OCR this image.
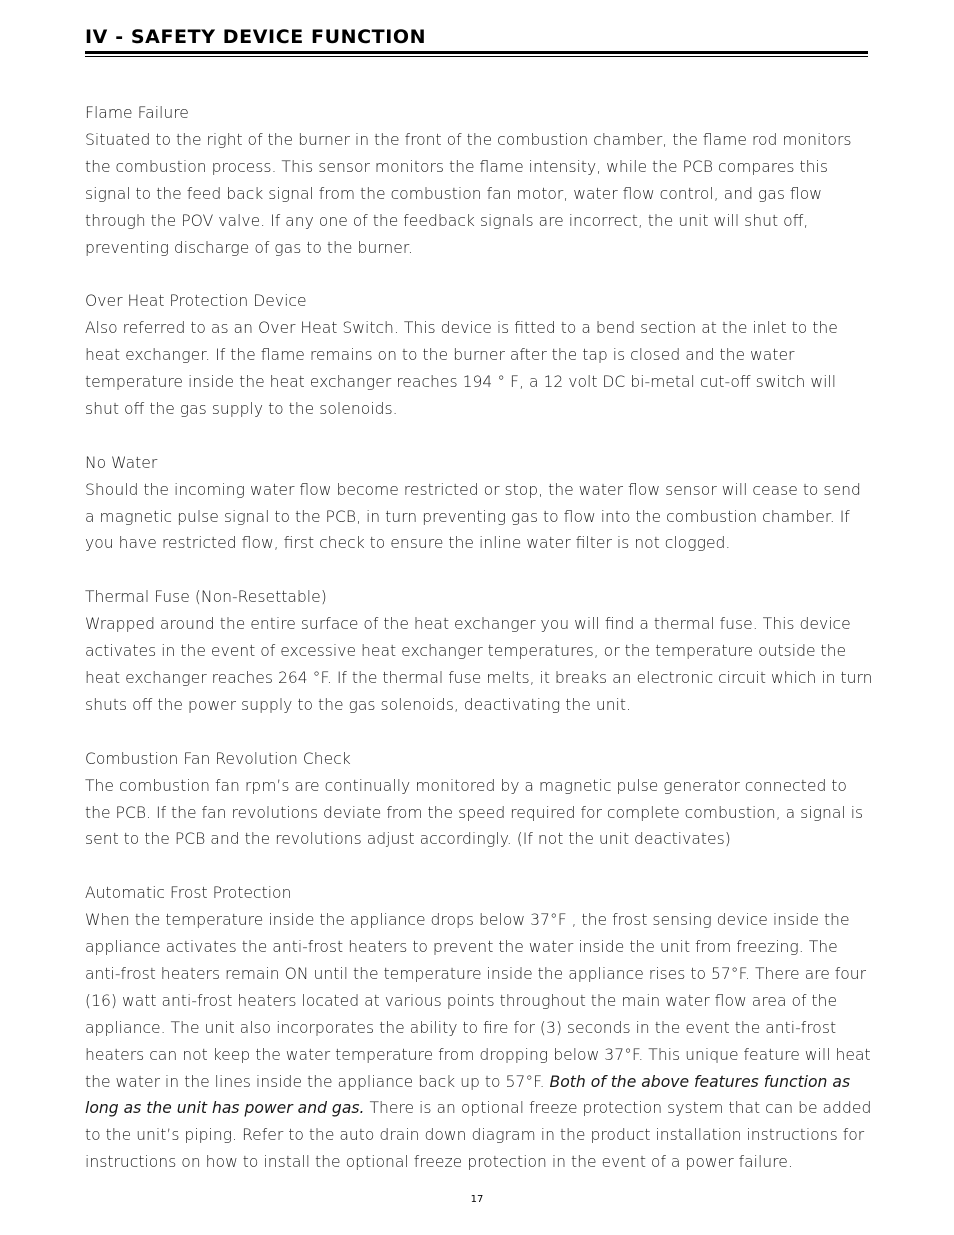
IV - SAFETY DEVICE FUNCTION
Flame Failure
Situated to the right of the burner in the front of the combustion chamber, the flame rod monitors the combustion process. This sensor monitors the flame intensity, while the PCB compares this signal to the feed back signal from the combustion fan motor, water flow control, and gas flow through the POV valve. If any one of the feedback signals are incorrect, the unit will shut off, preventing discharge of gas to the burner.
Over Heat Protection Device
Also referred to as an Over Heat Switch. This device is fitted to a bend section at the inlet to the heat exchanger. If the flame remains on to the burner after the tap is closed and the water temperature inside the heat exchanger reaches 194 ° F, a 12 volt DC bi-metal cut-off switch will shut off the gas supply to the solenoids.
No Water
Should the incoming water flow become restricted or stop, the water flow sensor will cease to send a magnetic pulse signal to the PCB, in turn preventing gas to flow into the combustion chamber. If you have restricted flow, first check to ensure the inline water filter is not clogged.
Thermal Fuse (Non-Resettable)
Wrapped around the entire surface of the heat exchanger you will find a thermal fuse. This device activates in the event of excessive heat exchanger temperatures, or the temperature outside the heat exchanger reaches 264 °F. If the thermal fuse melts, it breaks an electronic circuit which in turn shuts off the power supply to the gas solenoids, deactivating the unit.
Combustion Fan Revolution Check
The combustion fan rpm’s are continually monitored by a magnetic pulse generator connected to the PCB. If the fan revolutions deviate from the speed required for complete combustion, a signal is sent to the PCB and the revolutions adjust accordingly. (If not the unit deactivates)
Automatic Frost Protection
When the temperature inside the appliance drops below 37°F , the frost sensing device inside the appliance activates the anti-frost heaters to prevent the water inside the unit from freezing. The anti-frost heaters remain ON until the temperature inside the appliance rises to 57°F. There are four (16) watt anti-frost heaters located at various points throughout the main water flow area of the appliance. The unit also incorporates the ability to fire for (3) seconds in the event the anti-frost heaters can not keep the water temperature from dropping below 37°F. This unique feature will heat the water in the lines inside the appliance back up to 57°F. Both of the above features function as long as the unit has power and gas. There is an optional freeze protection system that can be added to the unit’s piping. Refer to the auto drain down diagram in the product installation instructions for instructions on how to install the optional freeze protection in the event of a power failure.
17
